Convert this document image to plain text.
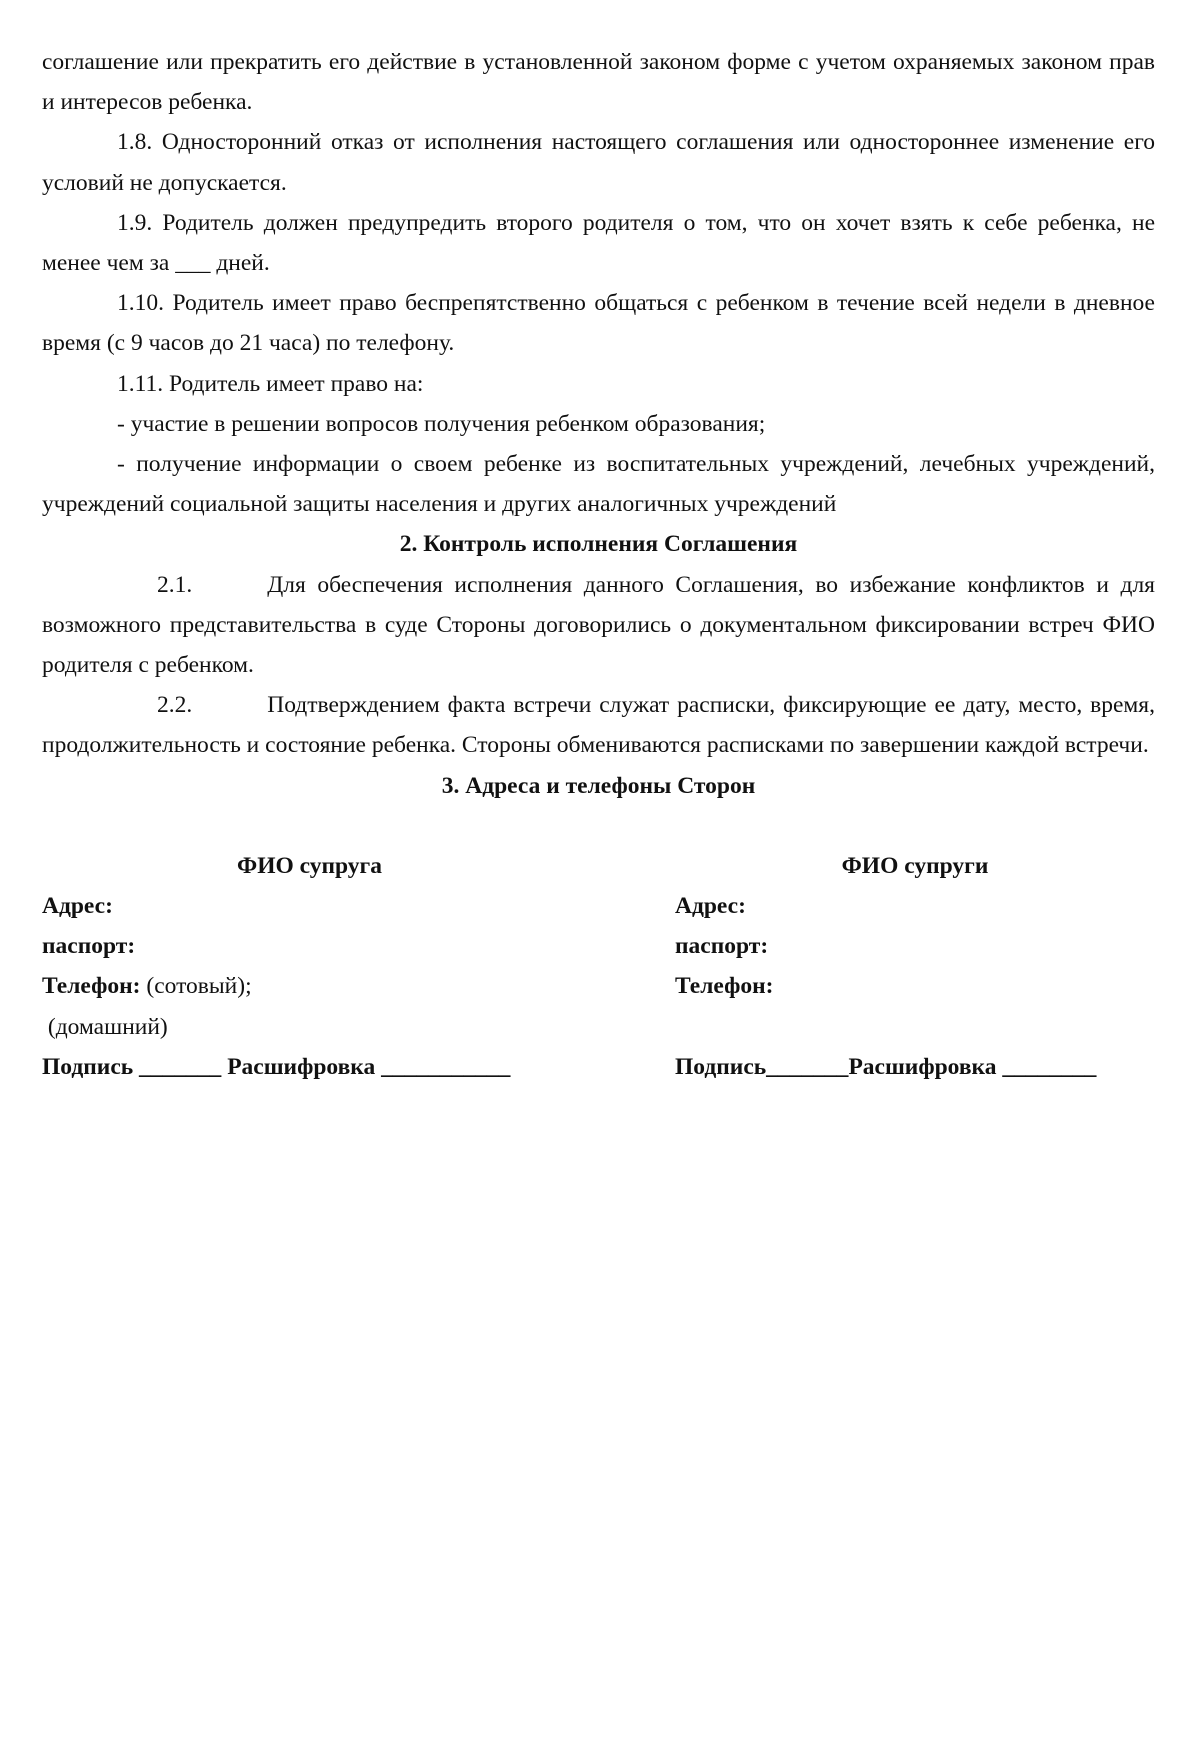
соглашение или прекратить его действие в установленной законом форме с учетом охраняемых законом прав и интересов ребенка.

1.8. Односторонний отказ от исполнения настоящего соглашения или одностороннее изменение его условий не допускается.

1.9. Родитель должен предупредить второго родителя о том, что он хочет взять к себе ребенка, не менее чем за ___ дней.

1.10. Родитель имеет право беспрепятственно общаться с ребенком в течение всей недели в дневное время (с 9 часов до 21 часа) по телефону.

1.11. Родитель имеет право на:

- участие в решении вопросов получения ребенком образования;

- получение информации о своем ребенке из воспитательных учреждений, лечебных учреждений, учреждений социальной защиты населения и других аналогичных учреждений

2. Контроль исполнения Соглашения

2.1.	Для обеспечения исполнения данного Соглашения, во избежание конфликтов и для возможного представительства в суде Стороны договорились о документальном фиксировании встреч ФИО родителя с ребенком.

2.2.	Подтверждением факта встречи служат расписки, фиксирующие ее дату, место, время, продолжительность и состояние ребенка. Стороны обмениваются расписками по завершении каждой встречи.

3. Адреса и телефоны Сторон

ФИО супруга
Адрес:
паспорт:
Телефон: (сотовый);
(домашний)
Подпись _______ Расшифровка ___________
ФИО супруги
Адрес:
паспорт:
Телефон:

Подпись_______Расшифровка ________
